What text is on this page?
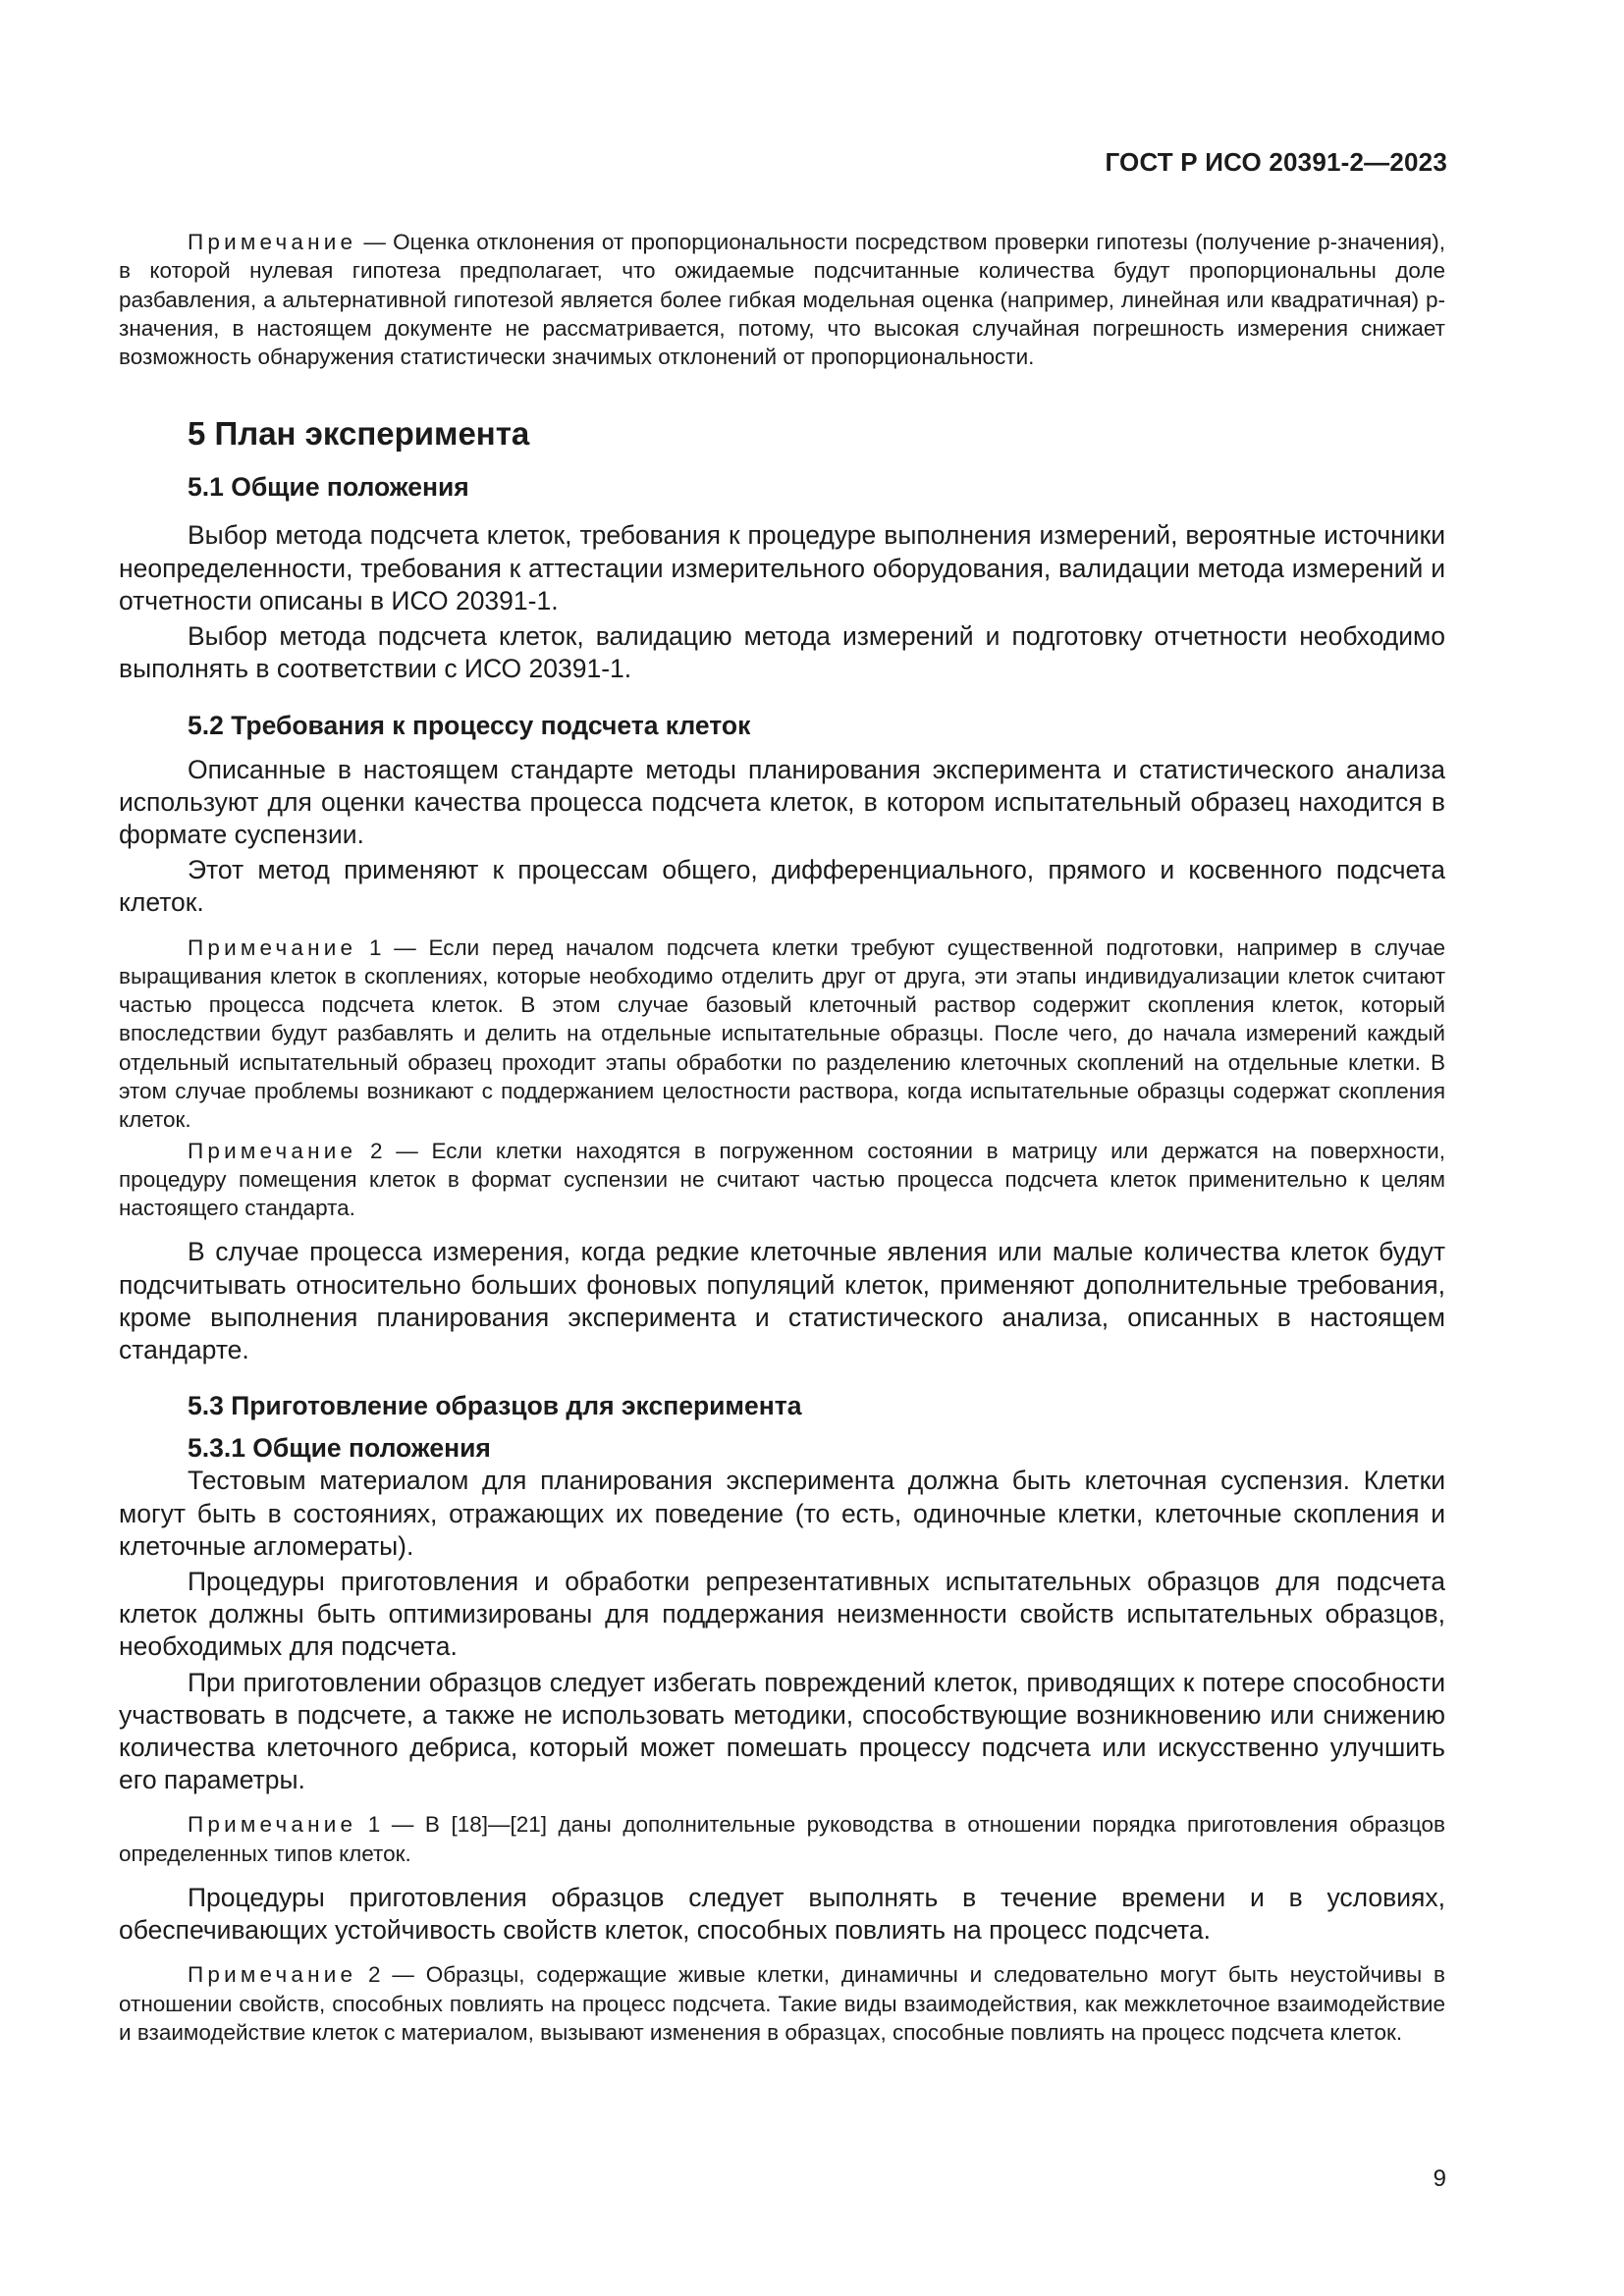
ГОСТ Р ИСО 20391-2—2023

Примечание — Оценка отклонения от пропорциональности посредством проверки гипотезы (получение p-значения), в которой нулевая гипотеза предполагает, что ожидаемые подсчитанные количества будут пропорциональны доле разбавления, а альтернативной гипотезой является более гибкая модельная оценка (например, линейная или квадратичная) p-значения, в настоящем документе не рассматривается, потому, что высокая случайная погрешность измерения снижает возможность обнаружения статистически значимых отклонений от пропорциональности.

5 План эксперимента
5.1 Общие положения

Выбор метода подсчета клеток, требования к процедуре выполнения измерений, вероятные источники неопределенности, требования к аттестации измерительного оборудования, валидации метода измерений и отчетности описаны в ИСО 20391-1.

Выбор метода подсчета клеток, валидацию метода измерений и подготовку отчетности необходимо выполнять в соответствии с ИСО 20391-1.

5.2 Требования к процессу подсчета клеток

Описанные в настоящем стандарте методы планирования эксперимента и статистического анализа используют для оценки качества процесса подсчета клеток, в котором испытательный образец находится в формате суспензии.

Этот метод применяют к процессам общего, дифференциального, прямого и косвенного подсчета клеток.

Примечание 1 — Если перед началом подсчета клетки требуют существенной подготовки, например в случае выращивания клеток в скоплениях, которые необходимо отделить друг от друга, эти этапы индивидуализации клеток считают частью процесса подсчета клеток. В этом случае базовый клеточный раствор содержит скопления клеток, который впоследствии будут разбавлять и делить на отдельные испытательные образцы. После чего, до начала измерений каждый отдельный испытательный образец проходит этапы обработки по разделению клеточных скоплений на отдельные клетки. В этом случае проблемы возникают с поддержанием целостности раствора, когда испытательные образцы содержат скопления клеток.

Примечание 2 — Если клетки находятся в погруженном состоянии в матрицу или держатся на поверхности, процедуру помещения клеток в формат суспензии не считают частью процесса подсчета клеток применительно к целям настоящего стандарта.

В случае процесса измерения, когда редкие клеточные явления или малые количества клеток будут подсчитывать относительно больших фоновых популяций клеток, применяют дополнительные требования, кроме выполнения планирования эксперимента и статистического анализа, описанных в настоящем стандарте.

5.3 Приготовление образцов для эксперимента
5.3.1 Общие положения

Тестовым материалом для планирования эксперимента должна быть клеточная суспензия. Клетки могут быть в состояниях, отражающих их поведение (то есть, одиночные клетки, клеточные скопления и клеточные агломераты).

Процедуры приготовления и обработки репрезентативных испытательных образцов для подсчета клеток должны быть оптимизированы для поддержания неизменности свойств испытательных образцов, необходимых для подсчета.

При приготовлении образцов следует избегать повреждений клеток, приводящих к потере способности участвовать в подсчете, а также не использовать методики, способствующие возникновению или снижению количества клеточного дебриса, который может помешать процессу подсчета или искусственно улучшить его параметры.

Примечание 1 — В [18]—[21] даны дополнительные руководства в отношении порядка приготовления образцов определенных типов клеток.

Процедуры приготовления образцов следует выполнять в течение времени и в условиях, обеспечивающих устойчивость свойств клеток, способных повлиять на процесс подсчета.

Примечание 2 — Образцы, содержащие живые клетки, динамичны и следовательно могут быть неустойчивы в отношении свойств, способных повлиять на процесс подсчета. Такие виды взаимодействия, как межклеточное взаимодействие и взаимодействие клеток с материалом, вызывают изменения в образцах, способные повлиять на процесс подсчета клеток.

9
